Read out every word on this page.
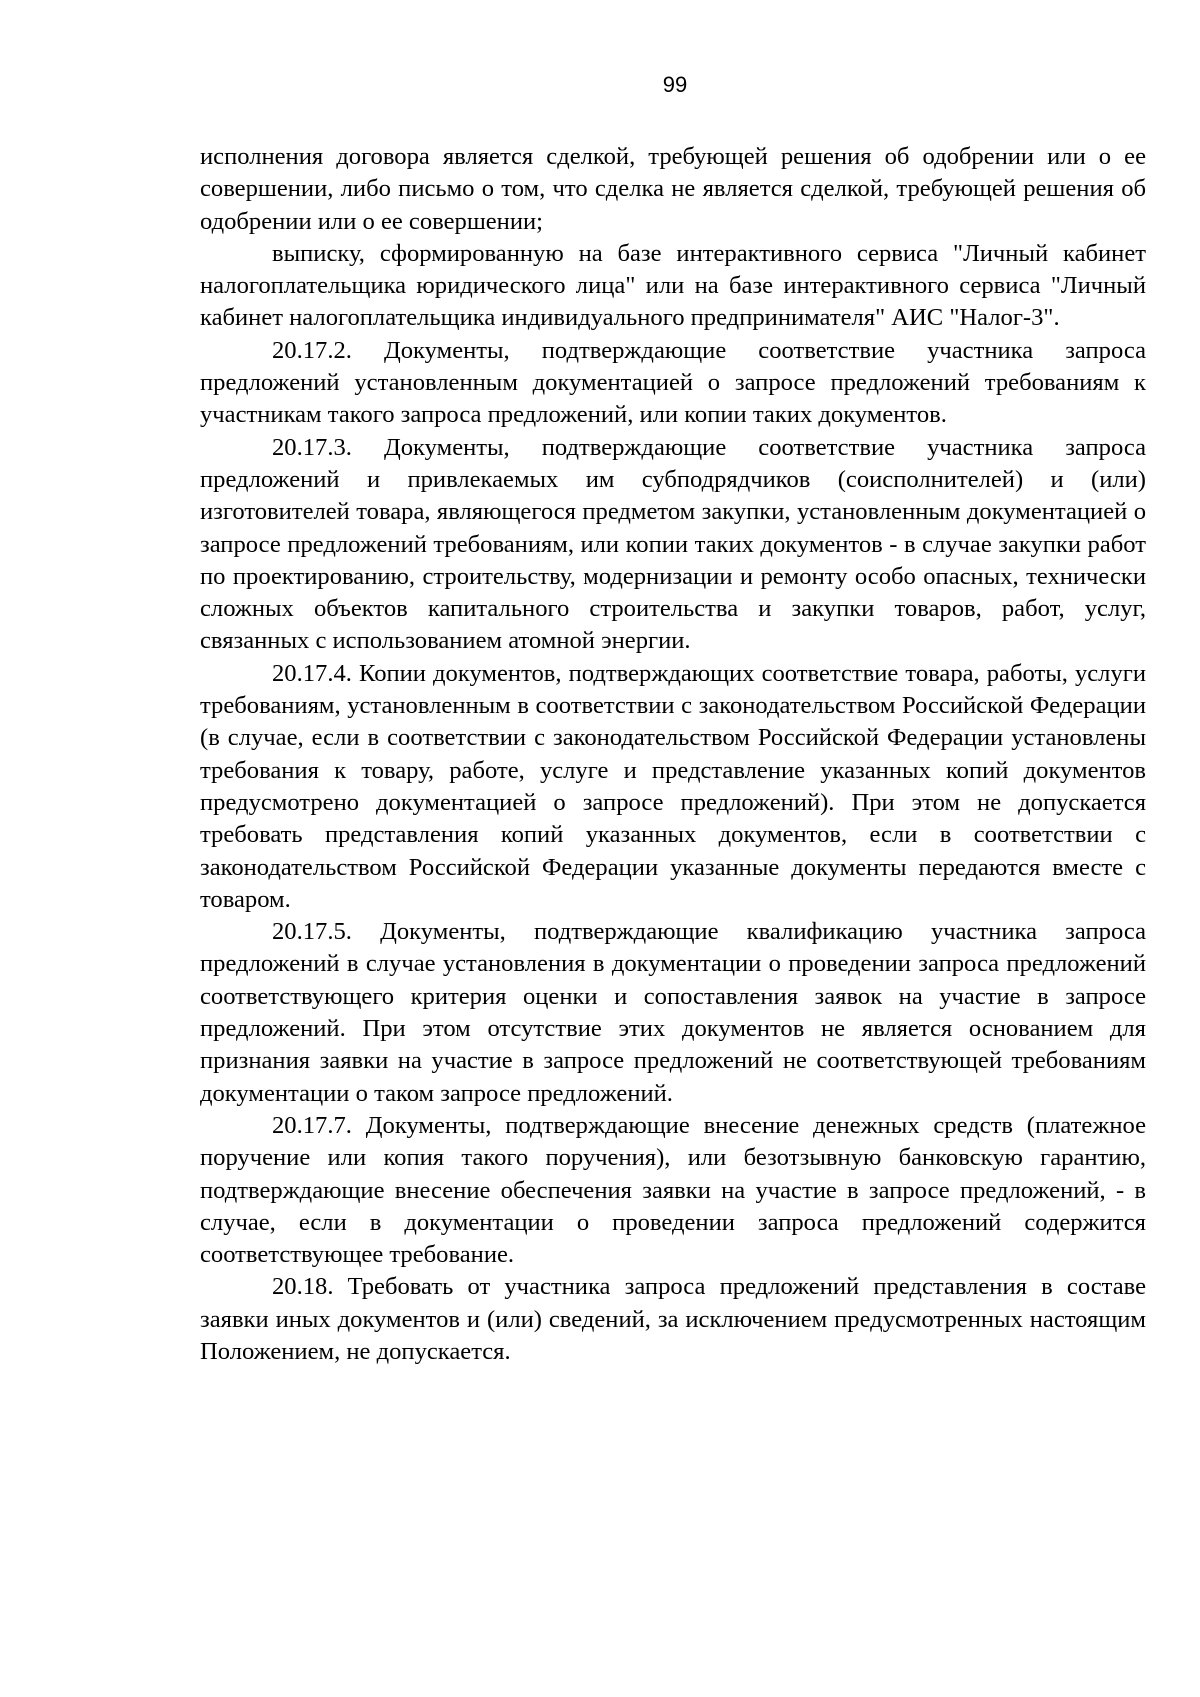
99

исполнения договора является сделкой, требующей решения об одобрении или о ее совершении, либо письмо о том, что сделка не является сделкой, требующей решения об одобрении или о ее совершении;

выписку, сформированную на базе интерактивного сервиса "Личный кабинет налогоплательщика юридического лица" или на базе интерактивного сервиса "Личный кабинет налогоплательщика индивидуального предпринимателя" АИС "Налог-3".

20.17.2. Документы, подтверждающие соответствие участника запроса предложений установленным документацией о запросе предложений требованиям к участникам такого запроса предложений, или копии таких документов.

20.17.3. Документы, подтверждающие соответствие участника запроса предложений и привлекаемых им субподрядчиков (соисполнителей) и (или) изготовителей товара, являющегося предметом закупки, установленным документацией о запросе предложений требованиям, или копии таких документов - в случае закупки работ по проектированию, строительству, модернизации и ремонту особо опасных, технически сложных объектов капитального строительства и закупки товаров, работ, услуг, связанных с использованием атомной энергии.

20.17.4. Копии документов, подтверждающих соответствие товара, работы, услуги требованиям, установленным в соответствии с законодательством Российской Федерации (в случае, если в соответствии с законодательством Российской Федерации установлены требования к товару, работе, услуге и представление указанных копий документов предусмотрено документацией о запросе предложений). При этом не допускается требовать представления копий указанных документов, если в соответствии с законодательством Российской Федерации указанные документы передаются вместе с товаром.

20.17.5. Документы, подтверждающие квалификацию участника запроса предложений в случае установления в документации о проведении запроса предложений соответствующего критерия оценки и сопоставления заявок на участие в запросе предложений. При этом отсутствие этих документов не является основанием для признания заявки на участие в запросе предложений не соответствующей требованиям документации о таком запросе предложений.

20.17.7. Документы, подтверждающие внесение денежных средств (платежное поручение или копия такого поручения), или безотзывную банковскую гарантию, подтверждающие внесение обеспечения заявки на участие в запросе предложений, - в случае, если в документации о проведении запроса предложений содержится соответствующее требование.

20.18. Требовать от участника запроса предложений представления в составе заявки иных документов и (или) сведений, за исключением предусмотренных настоящим Положением, не допускается.
